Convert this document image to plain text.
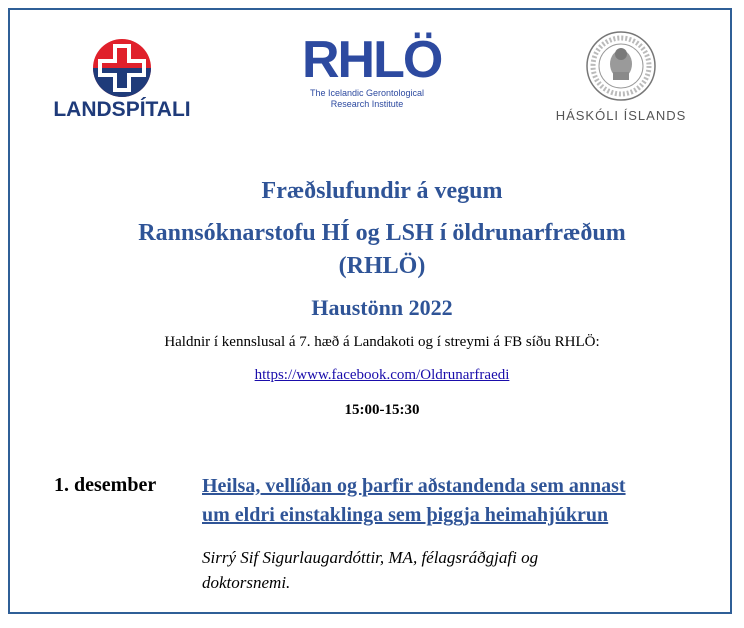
LANDSPÍTALI
RHLÖ
The Icelandic Gerontological
Research Institute
HÁSKÓLI ÍSLANDS
Fræðslufundir á vegum
Rannsóknarstofu HÍ og LSH í öldrunarfræðum
(RHLÖ)
Haustönn 2022
Haldnir í kennslusal á 7. hæð á Landakoti og í streymi á FB síðu RHLÖ:
https://www.facebook.com/Oldrunarfraedi
15:00-15:30
1. desember Heilsa, vellíðan og þarfir aðstandenda sem annast
um eldri einstaklinga sem þiggja heimahjúkrun
Sirrý Sif Sigurlaugardóttir, MA, félagsráðgjafi og doktorsnemi.
